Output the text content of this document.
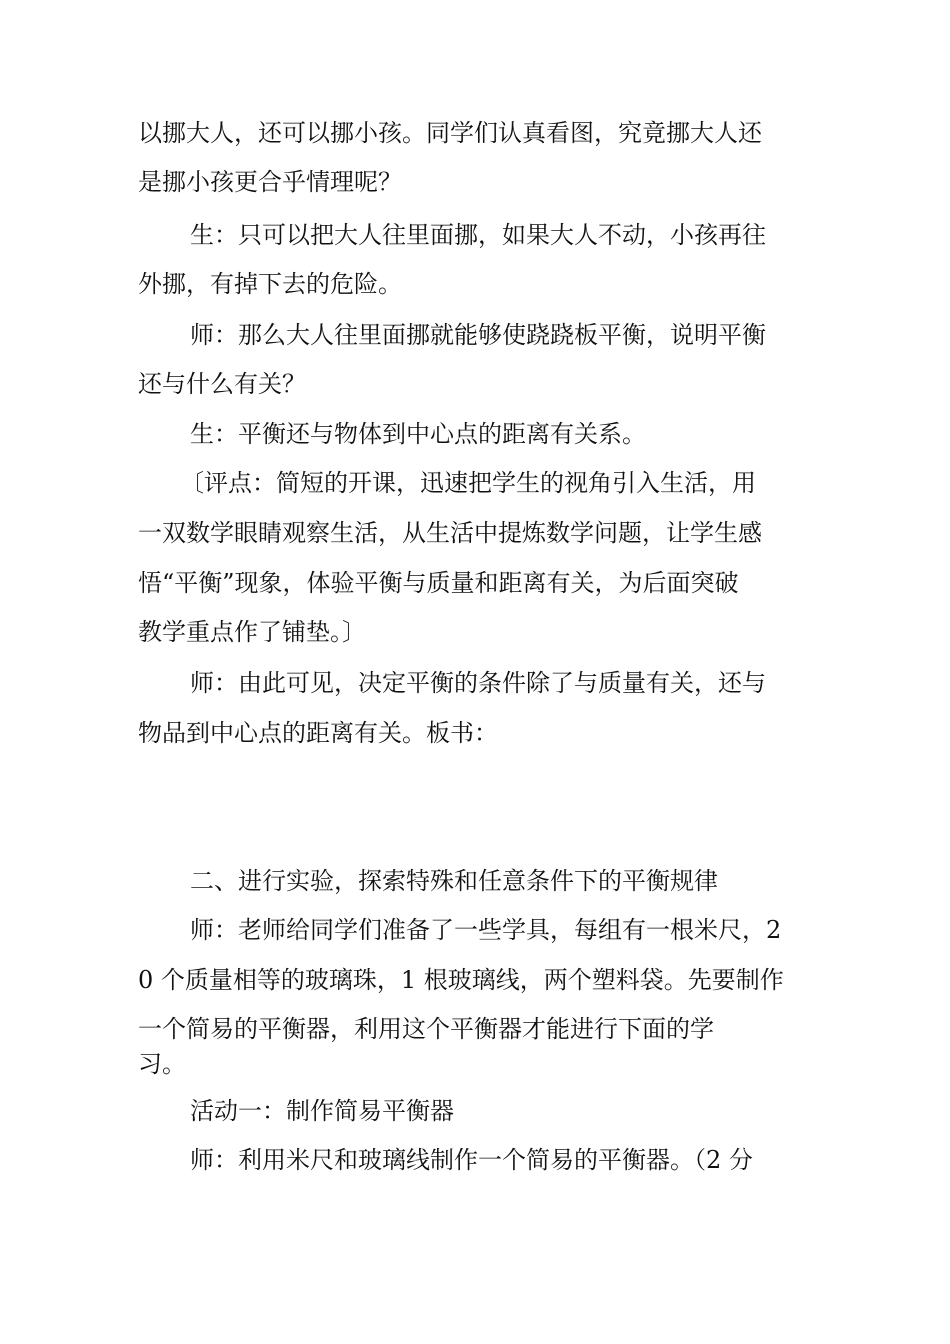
以挪大人，还可以挪小孩。同学们认真看图，究竟挪大人还
是挪小孩更合乎情理呢？
生：只可以把大人往里面挪，如果大人不动，小孩再往
外挪，有掉下去的危险。
师：那么大人往里面挪就能够使跷跷板平衡，说明平衡
还与什么有关？
生：平衡还与物体到中心点的距离有关系。
〔评点：简短的开课，迅速把学生的视角引入生活，用
一双数学眼睛观察生活，从生活中提炼数学问题，让学生感
悟“平衡”现象，体验平衡与质量和距离有关，为后面突破
教学重点作了铺垫。〕
师：由此可见，决定平衡的条件除了与质量有关，还与
物品到中心点的距离有关。板书：
二、进行实验，探索特殊和任意条件下的平衡规律
师：老师给同学们准备了一些学具，每组有一根米尺，2
0 个质量相等的玻璃珠，1 根玻璃线，两个塑料袋。先要制作
一个简易的平衡器，利用这个平衡器才能进行下面的学
习。
活动一：制作简易平衡器
师：利用米尺和玻璃线制作一个简易的平衡器。（2 分
